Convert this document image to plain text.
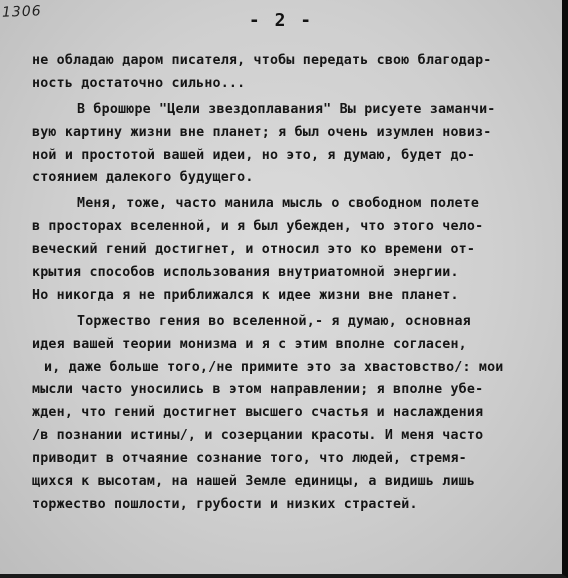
1306	- 2 -
не обладаю даром писателя, чтобы передать свою благодар-
ность достаточно сильно...
В брошюре "Цели звездоплавания" Вы рисуете заманчи-
вую картину жизни вне планет; я был очень изумлен новиз-
ной и простотой вашей идеи, но это, я думаю, будет до-
стоянием далекого будущего.
Меня, тоже, часто манила мысль о свободном полете
в просторах вселенной, и я был убежден, что этого чело-
веческий гений достигнет, и относил это ко времени от-
крытия способов использования внутриатомной энергии.
Но никогда я не приближался к идее жизни вне планет.
Торжество гения во вселенной,- я думаю, основная
идея вашей теории монизма и я с этим вполне согласен,
и, даже больше того,/не примите это за хвастовство/: мои
мысли часто уносились в этом направлении; я вполне убе-
жден, что гений достигнет высшего счастья и наслаждения
/в познании истины/, и созерцании красоты. И меня часто
приводит в отчаяние сознание того, что людей, стремя-
щихся к высотам, на нашей Земле единицы, а видишь лишь
торжество пошлости, грубости и низких страстей.
